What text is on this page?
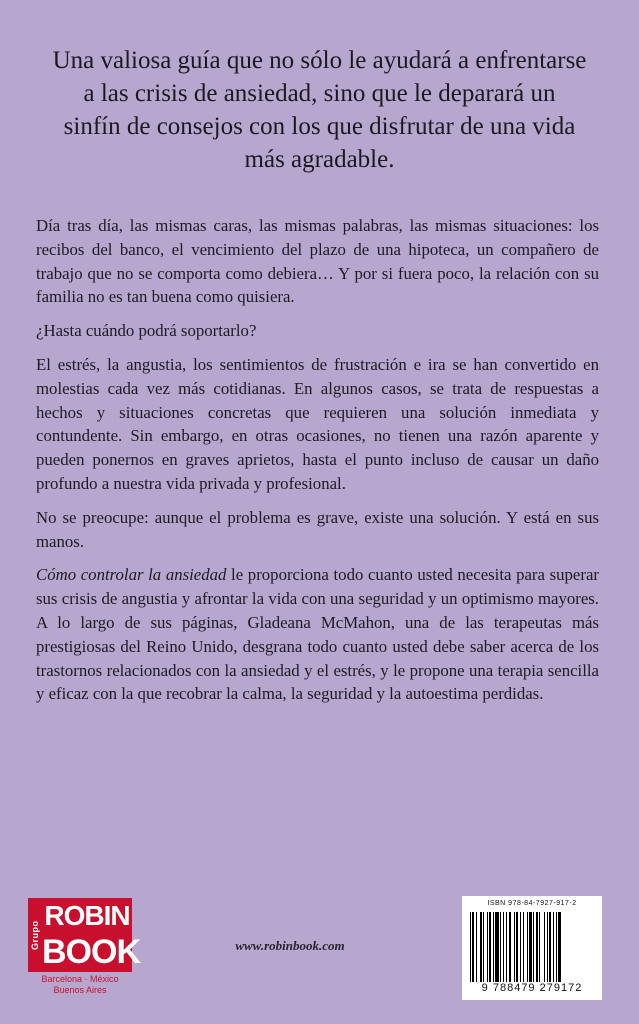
Una valiosa guía que no sólo le ayudará a enfrentarse a las crisis de ansiedad, sino que le deparará un sinfín de consejos con los que disfrutar de una vida más agradable.

Día tras día, las mismas caras, las mismas palabras, las mismas situaciones: los recibos del banco, el vencimiento del plazo de una hipoteca, un compañero de trabajo que no se comporta como debiera… Y por si fuera poco, la relación con su familia no es tan buena como quisiera.

¿Hasta cuándo podrá soportarlo?

El estrés, la angustia, los sentimientos de frustración e ira se han convertido en molestias cada vez más cotidianas. En algunos casos, se trata de respuestas a hechos y situaciones concretas que requieren una solución inmediata y contundente. Sin embargo, en otras ocasiones, no tienen una razón aparente y pueden ponernos en graves aprietos, hasta el punto incluso de causar un daño profundo a nuestra vida privada y profesional.

No se preocupe: aunque el problema es grave, existe una solución. Y está en sus manos.

Cómo controlar la ansiedad le proporciona todo cuanto usted necesita para superar sus crisis de angustia y afrontar la vida con una seguridad y un optimismo mayores. A lo largo de sus páginas, Gladeana McMahon, una de las terapeutas más prestigiosas del Reino Unido, desgrana todo cuanto usted debe saber acerca de los trastornos relacionados con la ansiedad y el estrés, y le propone una terapia sencilla y eficaz con la que recobrar la calma, la seguridad y la autoestima perdidas.

Grupo
ROBIN
BOOK
Barcelona · México
Buenos Aires
www.robinbook.com
ISBN 978-84-7927-917-2
9 788479 279172
